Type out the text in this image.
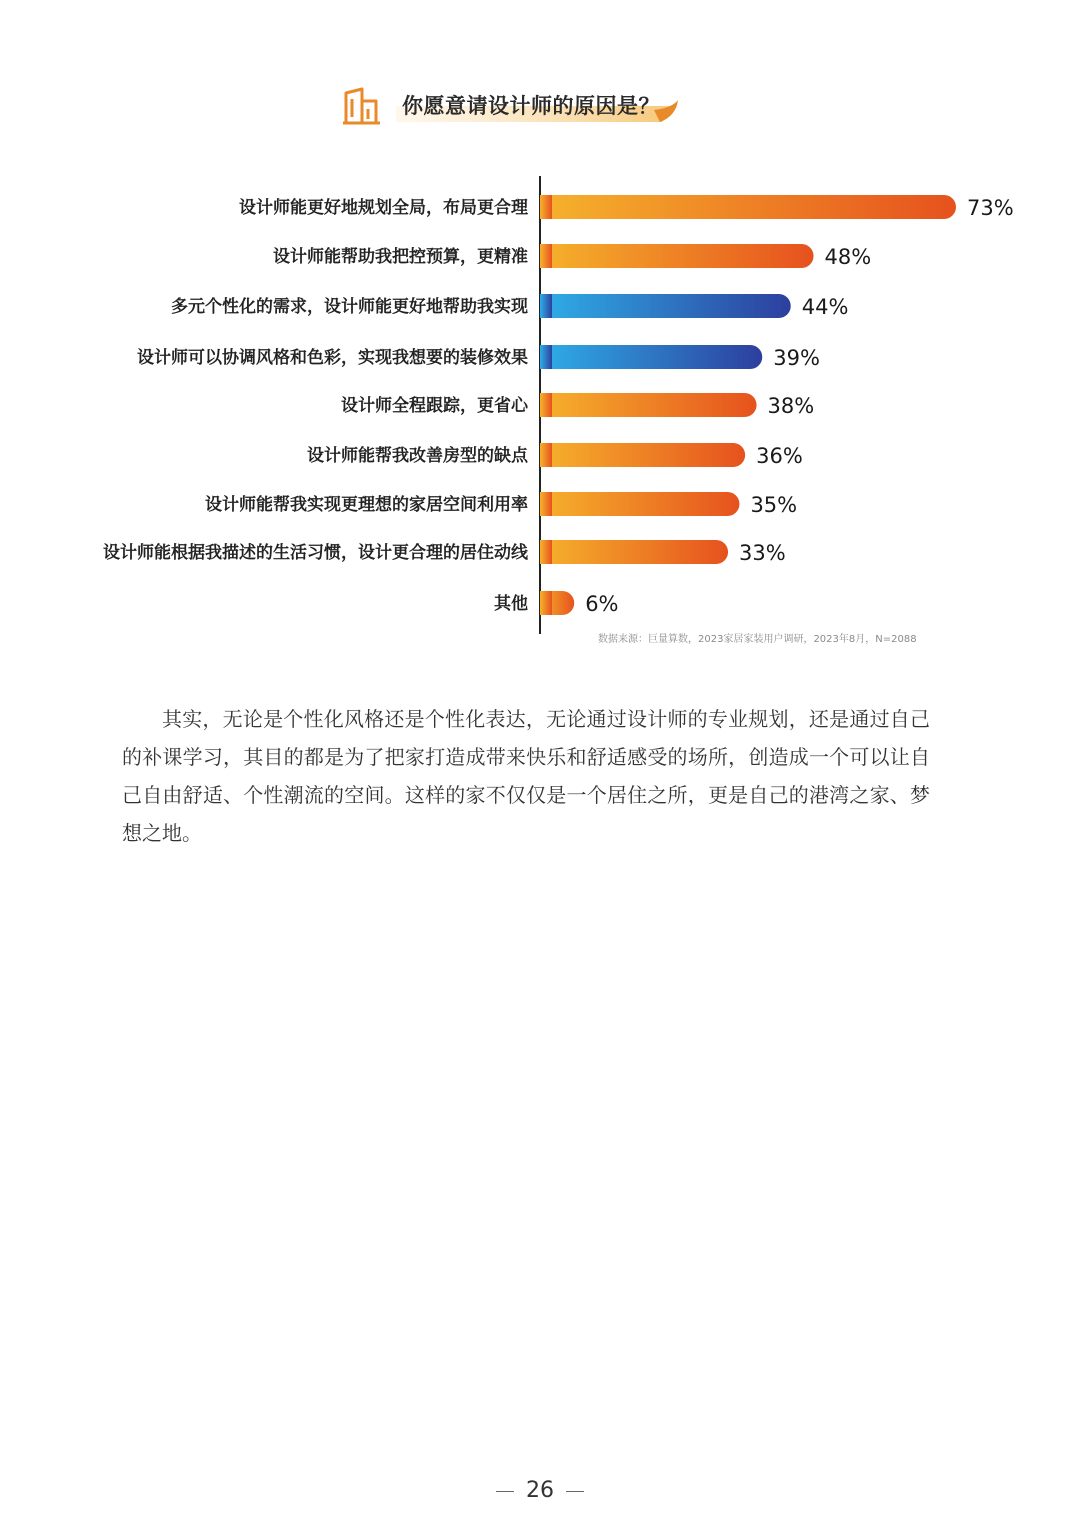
你愿意请设计师的原因是？
设计师能更好地规划全局，布局更合理	73%
设计师能帮助我把控预算，更精准	48%
多元个性化的需求，设计师能更好地帮助我实现	44%
设计师可以协调风格和色彩，实现我想要的装修效果	39%
设计师全程跟踪，更省心	38%
设计师能帮我改善房型的缺点	36%
设计师能帮我实现更理想的家居空间利用率	35%
设计师能根据我描述的生活习惯，设计更合理的居住动线	33%
其他	6%
数据来源：巨量算数，2023家居家装用户调研，2023年8月，N=2088

其实，无论是个性化风格还是个性化表达，无论通过设计师的专业规划，还是通过自己的补课学习，其目的都是为了把家打造成带来快乐和舒适感受的场所，创造成一个可以让自己自由舒适、个性潮流的空间。这样的家不仅仅是一个居住之所，更是自己的港湾之家、梦想之地。

26
